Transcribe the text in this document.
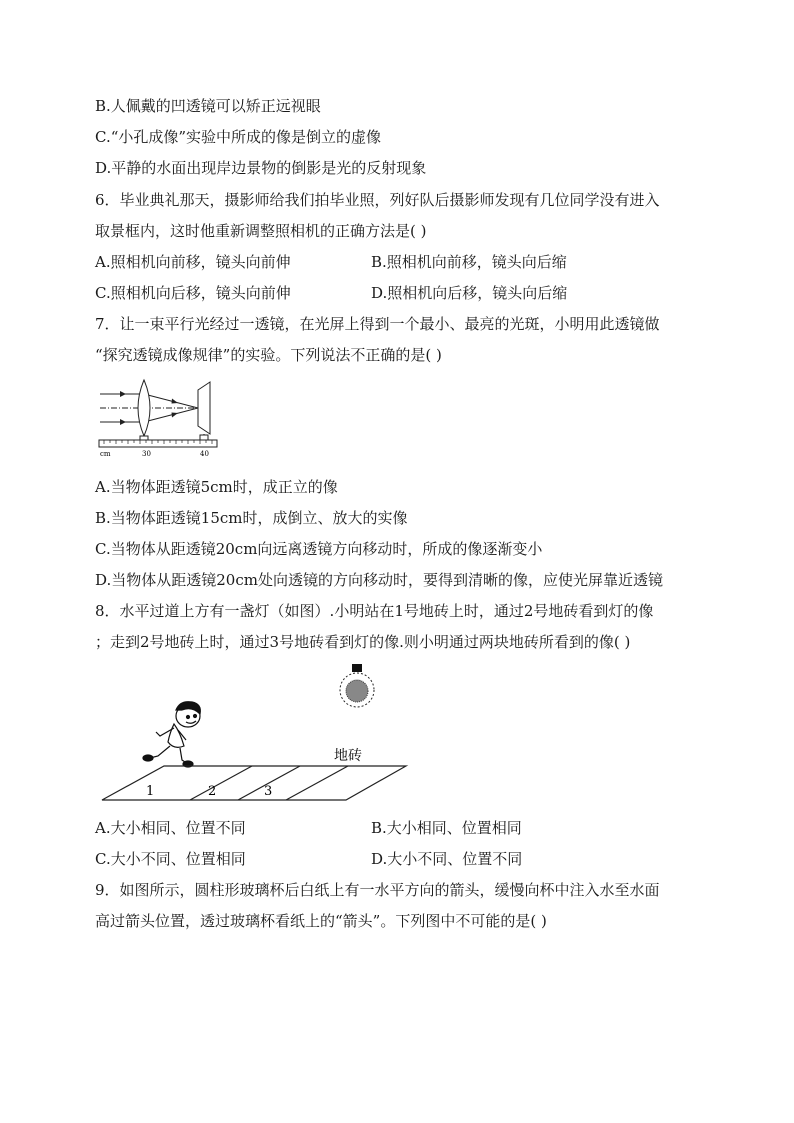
B.人佩戴的凹透镜可以矫正远视眼
C.“小孔成像”实验中所成的像是倒立的虚像
D.平静的水面出现岸边景物的倒影是光的反射现象
6．毕业典礼那天，摄影师给我们拍毕业照，列好队后摄影师发现有几位同学没有进入
取景框内，这时他重新调整照相机的正确方法是( )
A.照相机向前移，镜头向前伸	B.照相机向前移，镜头向后缩
C.照相机向后移，镜头向前伸	D.照相机向后移，镜头向后缩
7．让一束平行光经过一透镜，在光屏上得到一个最小、最亮的光斑，小明用此透镜做
“探究透镜成像规律”的实验。下列说法不正确的是( )
cm	30	40
A.当物体距透镜5cm时，成正立的像
B.当物体距透镜15cm时，成倒立、放大的实像
C.当物体从距透镜20cm向远离透镜方向移动时，所成的像逐渐变小
D.当物体从距透镜20cm处向透镜的方向移动时，要得到清晰的像，应使光屏靠近透镜
8．水平过道上方有一盏灯（如图）.小明站在1号地砖上时，通过2号地砖看到灯的像
；走到2号地砖上时，通过3号地砖看到灯的像.则小明通过两块地砖所看到的像( )
地砖
1	2	3
A.大小相同、位置不同	B.大小相同、位置相同
C.大小不同、位置相同	D.大小不同、位置不同
9．如图所示，圆柱形玻璃杯后白纸上有一水平方向的箭头，缓慢向杯中注入水至水面
高过箭头位置，透过玻璃杯看纸上的“箭头”。下列图中不可能的是( )
